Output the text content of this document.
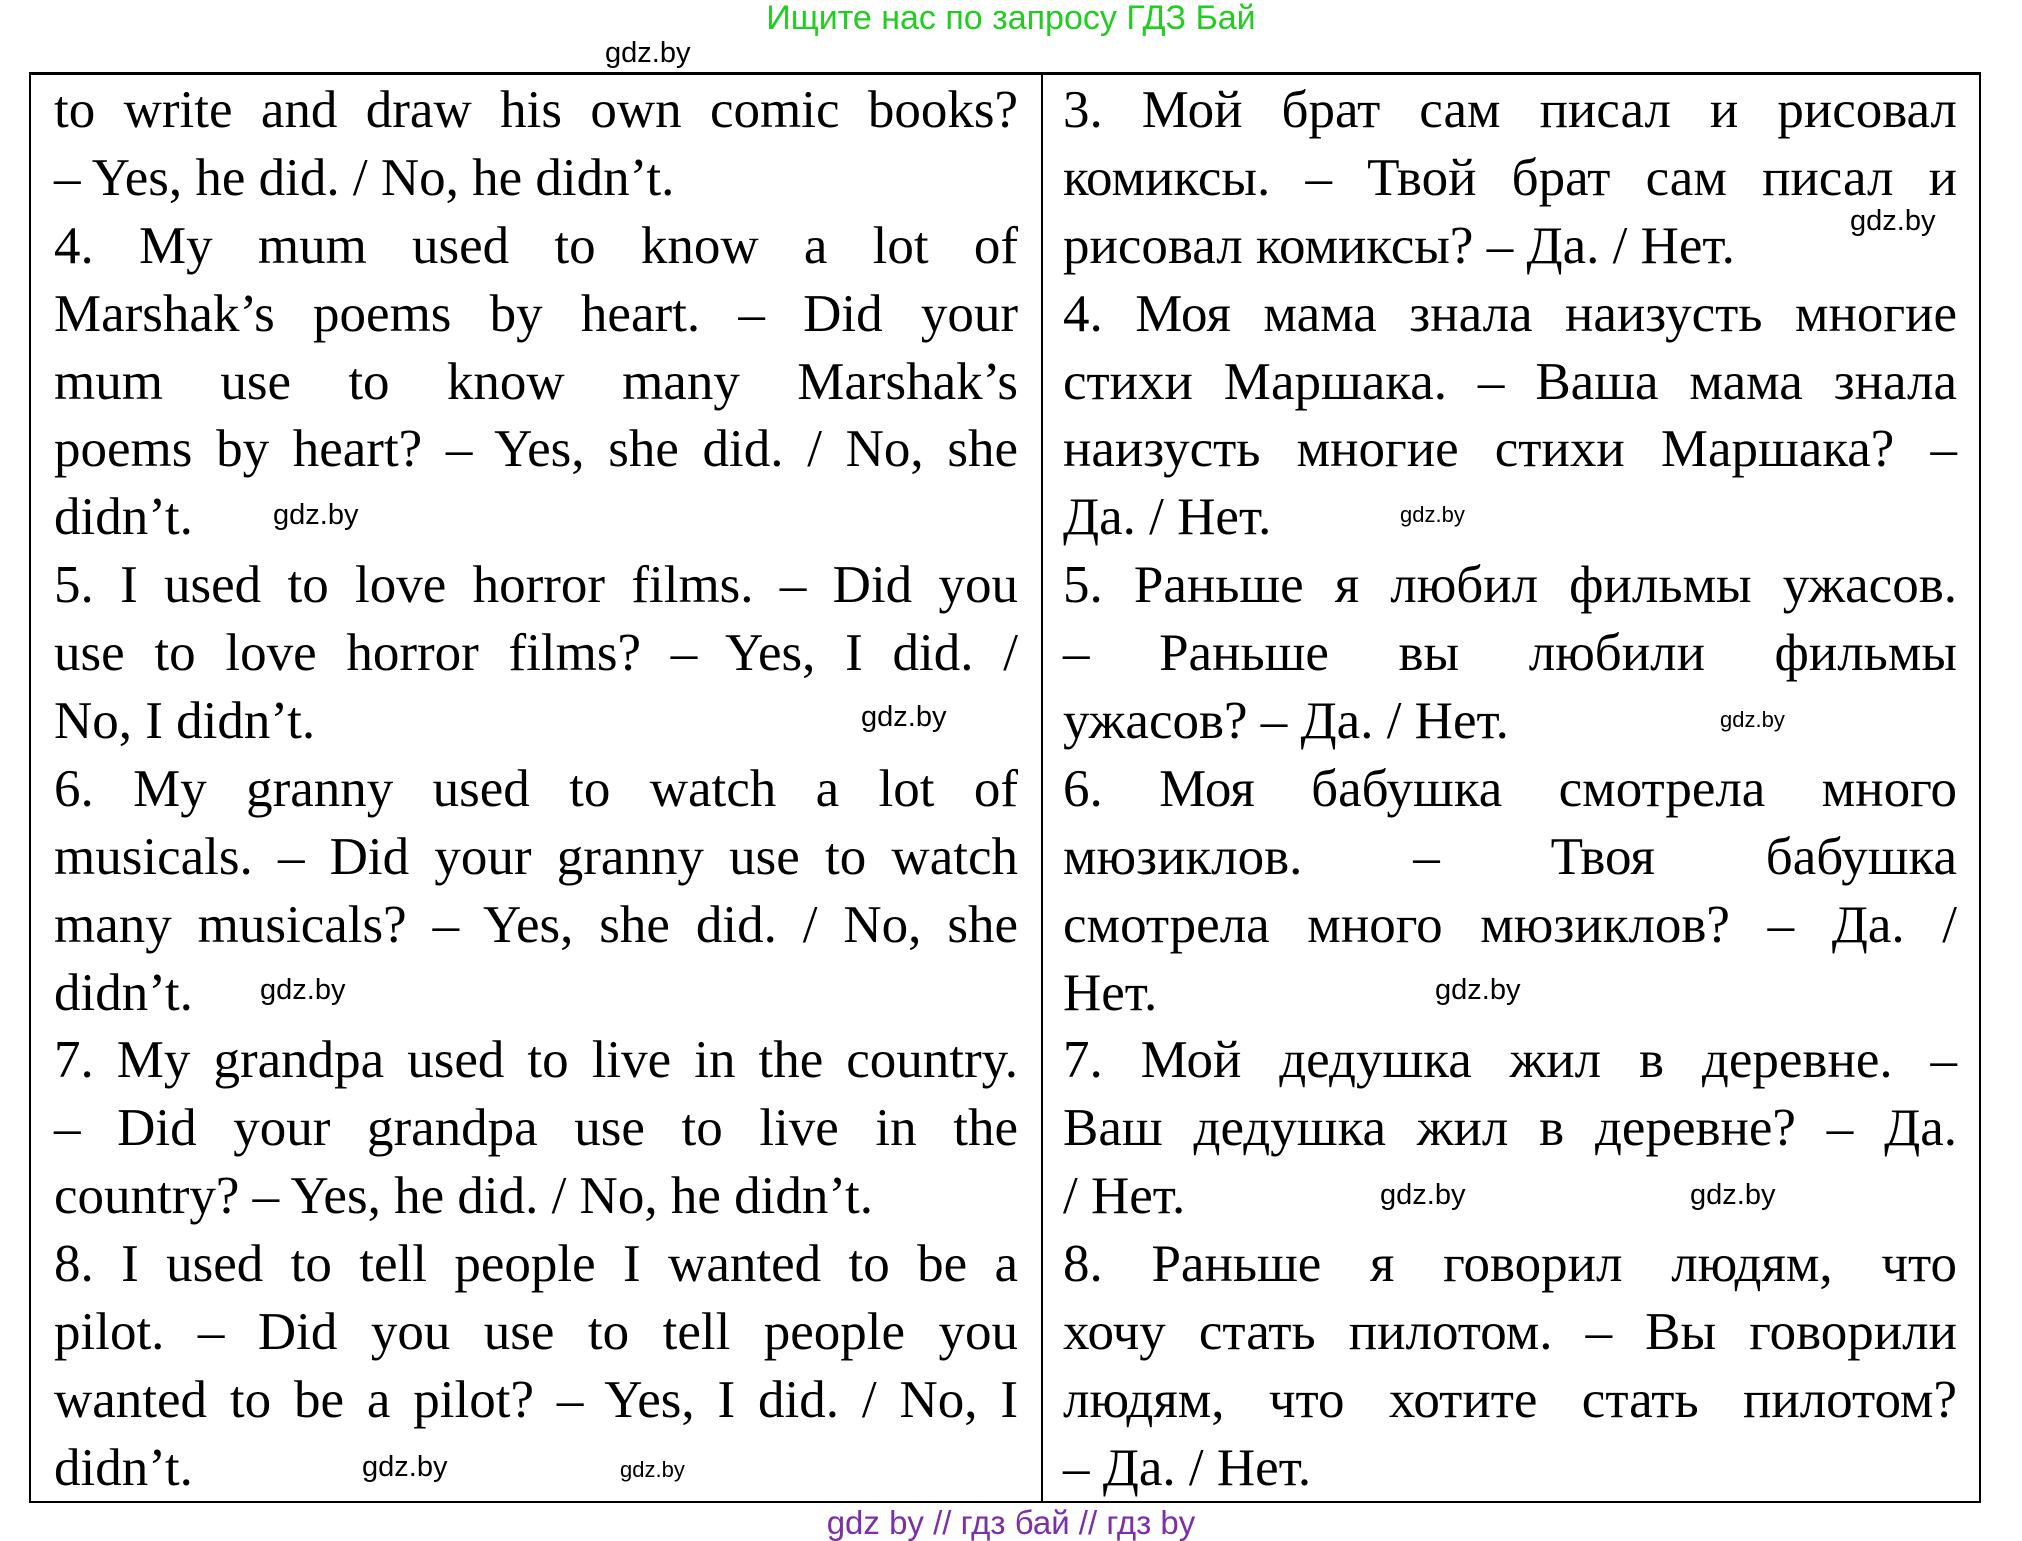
Ищите нас по запросу ГДЗ Бай
to write and draw his own comic books?
– Yes, he did. / No, he didn’t.
4. My mum used to know a lot of
Marshak’s poems by heart. – Did your
mum use to know many Marshak’s
poems by heart? – Yes, she did. / No, she
didn’t.
5. I used to love horror films. – Did you
use to love horror films? – Yes, I did. /
No, I didn’t.
6. My granny used to watch a lot of
musicals. – Did your granny use to watch
many musicals? – Yes, she did. / No, she
didn’t.
7. My grandpa used to live in the country.
– Did your grandpa use to live in the
country? – Yes, he did. / No, he didn’t.
8. I used to tell people I wanted to be a
pilot. – Did you use to tell people you
wanted to be a pilot? – Yes, I did. / No, I
didn’t.
3. Мой брат сам писал и рисовал
комиксы. – Твой брат сам писал и
рисовал комиксы? – Да. / Нет.
4. Моя мама знала наизусть многие
стихи Маршака. – Ваша мама знала
наизусть многие стихи Маршака? –
Да. / Нет.
5. Раньше я любил фильмы ужасов.
– Раньше вы любили фильмы
ужасов? – Да. / Нет.
6. Моя бабушка смотрела много
мюзиклов. – Твоя бабушка
смотрела много мюзиклов? – Да. /
Нет.
7. Мой дедушка жил в деревне. –
Ваш дедушка жил в деревне? – Да.
/ Нет.
8. Раньше я говорил людям, что
хочу стать пилотом. – Вы говорили
людям, что хотите стать пилотом?
– Да. / Нет.
gdz.by
gdz.by
gdz.by
gdz.by
gdz.by
gdz.by
gdz.by	gdz.by
gdz.by
gdz.by
gdz.by
gdz.by
gdz by // гдз бай // гдз by
